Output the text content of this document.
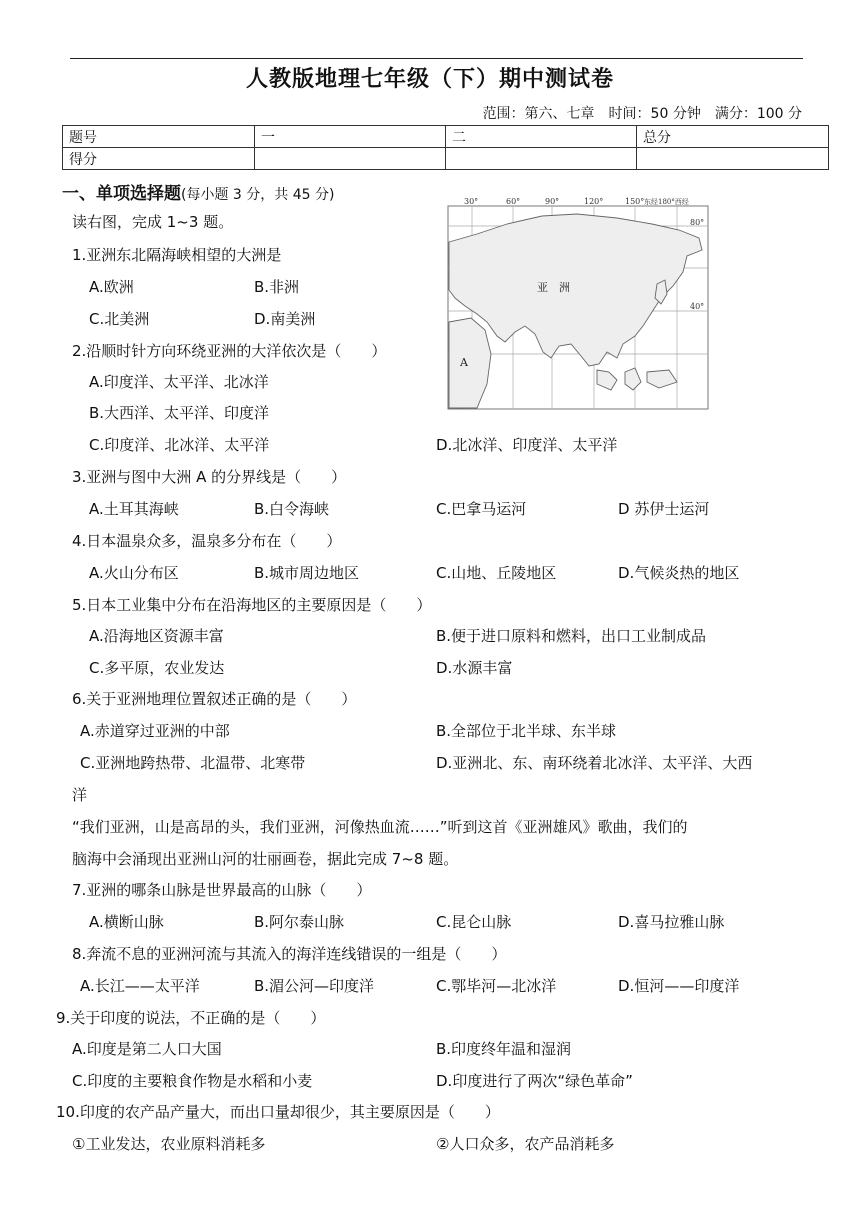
人教版地理七年级（下）期中测试卷
范围：第六、七章　时间：50 分钟　满分：100 分
题号	一	二	总分
得分			
一、单项选择题(每小题 3 分，共 45 分)
读右图，完成 1~3 题。
30°	60°	90°	120°	150° 东经180°西经
80°
40°
亚　洲
A
1.亚洲东北隔海峡相望的大洲是
A.欧洲	B.非洲
C.北美洲	D.南美洲
2.沿顺时针方向环绕亚洲的大洋依次是（　　）
A.印度洋、太平洋、北冰洋
B.大西洋、太平洋、印度洋
C.印度洋、北冰洋、太平洋	D.北冰洋、印度洋、太平洋
3.亚洲与图中大洲 A 的分界线是（　　）
A.土耳其海峡	B.白令海峡	C.巴拿马运河	D 苏伊士运河
4.日本温泉众多，温泉多分布在（　　）
A.火山分布区	B.城市周边地区	C.山地、丘陵地区	D.气候炎热的地区
5.日本工业集中分布在沿海地区的主要原因是（　　）
A.沿海地区资源丰富	B.便于进口原料和燃料，出口工业制成品
C.多平原，农业发达	D.水源丰富
6.关于亚洲地理位置叙述正确的是（　　）
A.赤道穿过亚洲的中部	B.全部位于北半球、东半球
C.亚洲地跨热带、北温带、北寒带	D.亚洲北、东、南环绕着北冰洋、太平洋、大西
洋
“我们亚洲，山是高昂的头，我们亚洲，河像热血流……”听到这首《亚洲雄风》歌曲，我们的
脑海中会涌现出亚洲山河的壮丽画卷，据此完成 7~8 题。
7.亚洲的哪条山脉是世界最高的山脉（　　）
A.横断山脉	B.阿尔泰山脉	C.昆仑山脉	D.喜马拉雅山脉
8.奔流不息的亚洲河流与其流入的海洋连线错误的一组是（　　）
A.长江——太平洋	B.湄公河—印度洋	C.鄂毕河—北冰洋	D.恒河——印度洋
9.关于印度的说法，不正确的是（　　）
A.印度是第二人口大国	B.印度终年温和湿润
C.印度的主要粮食作物是水稻和小麦	D.印度进行了两次“绿色革命”
10.印度的农产品产量大，而出口量却很少，其主要原因是（　　）
①工业发达，农业原料消耗多	②人口众多，农产品消耗多
